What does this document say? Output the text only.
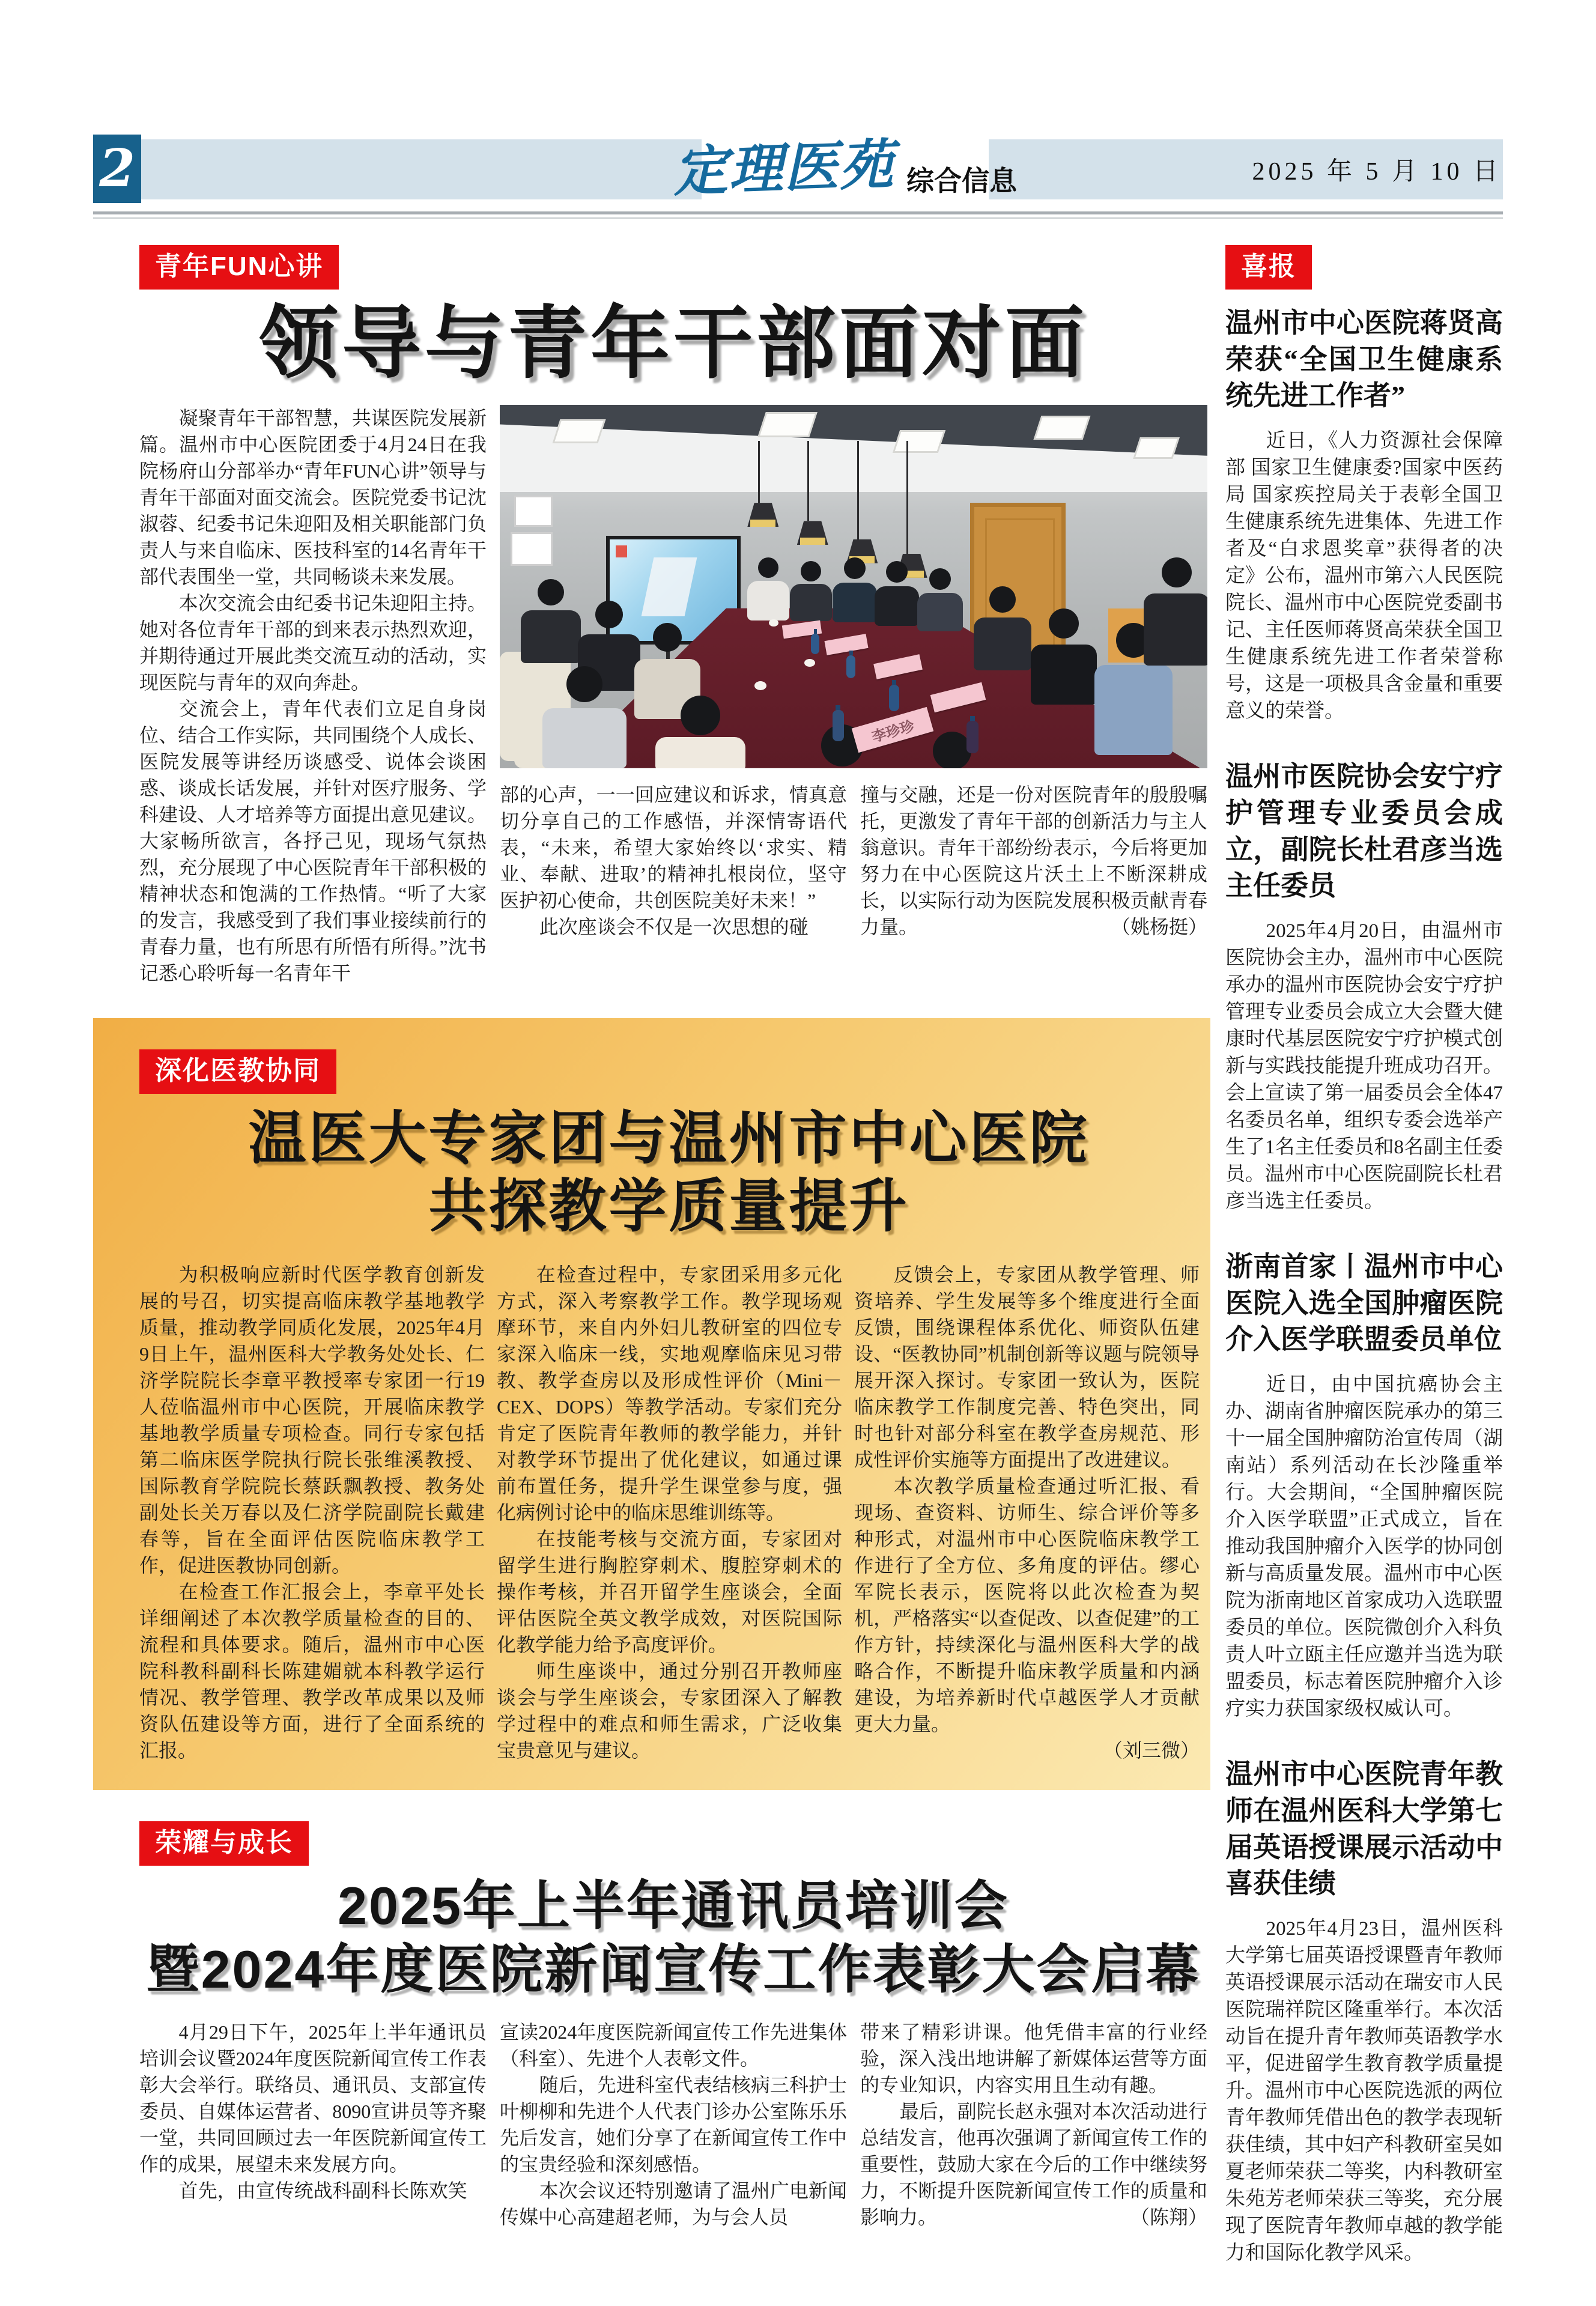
2	定理医苑 综合信息	2025 年 5 月 10 日
青年FUN心讲
领导与青年干部面对面

凝聚青年干部智慧，共谋医院发展新篇。温州市中心医院团委于4月24日在我院杨府山分部举办“青年FUN心讲”领导与青年干部面对面交流会。医院党委书记沈淑蓉、纪委书记朱迎阳及相关职能部门负责人与来自临床、医技科室的14名青年干部代表围坐一堂，共同畅谈未来发展。

本次交流会由纪委书记朱迎阳主持。她对各位青年干部的到来表示热烈欢迎，并期待通过开展此类交流互动的活动，实现医院与青年的双向奔赴。

交流会上，青年代表们立足自身岗位、结合工作实际，共同围绕个人成长、医院发展等讲经历谈感受、说体会谈困惑、谈成长话发展，并针对医疗服务、学科建设、人才培养等方面提出意见建议。大家畅所欲言，各抒己见，现场气氛热烈，充分展现了中心医院青年干部积极的精神状态和饱满的工作热情。“听了大家的发言，我感受到了我们事业接续前行的青春力量，也有所思有所悟有所得。”沈书记悉心聆听每一名青年干

李珍珍

部的心声，一一回应建议和诉求，情真意切分享自己的工作感悟，并深情寄语代表，“未来，希望大家始终以‘求实、精业、奉献、进取’的精神扎根岗位，坚守医护初心使命，共创医院美好未来！”

此次座谈会不仅是一次思想的碰

撞与交融，还是一份对医院青年的殷殷嘱托，更激发了青年干部的创新活力与主人翁意识。青年干部纷纷表示，今后将更加努力在中心医院这片沃土上不断深耕成长，以实际行动为医院发展积极贡献青春力量。	（姚杨挺）

深化医教协同
温医大专家团与温州市中心医院
共探教学质量提升

为积极响应新时代医学教育创新发展的号召，切实提高临床教学基地教学质量，推动教学同质化发展，2025年4月9日上午，温州医科大学教务处处长、仁济学院院长李章平教授率专家团一行19人莅临温州市中心医院，开展临床教学基地教学质量专项检查。同行专家包括第二临床医学院执行院长张维溪教授、国际教育学院院长蔡跃飘教授、教务处副处长关万春以及仁济学院副院长戴建春等，旨在全面评估医院临床教学工作，促进医教协同创新。

在检查工作汇报会上，李章平处长详细阐述了本次教学质量检查的目的、流程和具体要求。随后，温州市中心医院科教科副科长陈建媚就本科教学运行情况、教学管理、教学改革成果以及师资队伍建设等方面，进行了全面系统的汇报。

在检查过程中，专家团采用多元化方式，深入考察教学工作。教学现场观摩环节，来自内外妇儿教研室的四位专家深入临床一线，实地观摩临床见习带教、教学查房以及形成性评价（Mini－CEX、DOPS）等教学活动。专家们充分肯定了医院青年教师的教学能力，并针对教学环节提出了优化建议，如通过课前布置任务，提升学生课堂参与度，强化病例讨论中的临床思维训练等。

在技能考核与交流方面，专家团对留学生进行胸腔穿刺术、腹腔穿刺术的操作考核，并召开留学生座谈会，全面评估医院全英文教学成效，对医院国际化教学能力给予高度评价。

师生座谈中，通过分别召开教师座谈会与学生座谈会，专家团深入了解教学过程中的难点和师生需求，广泛收集宝贵意见与建议。

反馈会上，专家团从教学管理、师资培养、学生发展等多个维度进行全面反馈，围绕课程体系优化、师资队伍建设、“医教协同”机制创新等议题与院领导展开深入探讨。专家团一致认为，医院临床教学工作制度完善、特色突出，同时也针对部分科室在教学查房规范、形成性评价实施等方面提出了改进建议。

本次教学质量检查通过听汇报、看现场、查资料、访师生、综合评价等多种形式，对温州市中心医院临床教学工作进行了全方位、多角度的评估。缪心军院长表示，医院将以此次检查为契机，严格落实“以查促改、以查促建”的工作方针，持续深化与温州医科大学的战略合作，不断提升临床教学质量和内涵建设，为培养新时代卓越医学人才贡献更大力量。

（刘三微）

荣耀与成长
2025年上半年通讯员培训会
暨2024年度医院新闻宣传工作表彰大会启幕

4月29日下午，2025年上半年通讯员培训会议暨2024年度医院新闻宣传工作表彰大会举行。联络员、通讯员、支部宣传委员、自媒体运营者、8090宣讲员等齐聚一堂，共同回顾过去一年医院新闻宣传工作的成果，展望未来发展方向。

首先，由宣传统战科副科长陈欢笑

宣读2024年度医院新闻宣传工作先进集体（科室）、先进个人表彰文件。

随后，先进科室代表结核病三科护士叶柳柳和先进个人代表门诊办公室陈乐乐先后发言，她们分享了在新闻宣传工作中的宝贵经验和深刻感悟。

本次会议还特别邀请了温州广电新闻传媒中心高建超老师，为与会人员

带来了精彩讲课。他凭借丰富的行业经验，深入浅出地讲解了新媒体运营等方面的专业知识，内容实用且生动有趣。

最后，副院长赵永强对本次活动进行总结发言，他再次强调了新闻宣传工作的重要性，鼓励大家在今后的工作中继续努力，不断提升医院新闻宣传工作的质量和影响力。	（陈翔）

喜报
温州市中心医院蒋贤高荣获“全国卫生健康系统先进工作者”

近日，《人力资源社会保障部 国家卫生健康委?国家中医药局 国家疾控局关于表彰全国卫生健康系统先进集体、先进工作者及“白求恩奖章”获得者的决定》公布，温州市第六人民医院院长、温州市中心医院党委副书记、主任医师蒋贤高荣获全国卫生健康系统先进工作者荣誉称号，这是一项极具含金量和重要意义的荣誉。

温州市医院协会安宁疗护管理专业委员会成立，副院长杜君彦当选主任委员

2025年4月20日，由温州市医院协会主办，温州市中心医院承办的温州市医院协会安宁疗护管理专业委员会成立大会暨大健康时代基层医院安宁疗护模式创新与实践技能提升班成功召开。会上宣读了第一届委员会全体47名委员名单，组织专委会选举产生了1名主任委员和8名副主任委员。温州市中心医院副院长杜君彦当选主任委员。

浙南首家丨温州市中心医院入选全国肿瘤医院介入医学联盟委员单位

近日，由中国抗癌协会主办、湖南省肿瘤医院承办的第三十一届全国肿瘤防治宣传周（湖南站）系列活动在长沙隆重举行。大会期间，“全国肿瘤医院介入医学联盟”正式成立，旨在推动我国肿瘤介入医学的协同创新与高质量发展。温州市中心医院为浙南地区首家成功入选联盟委员的单位。医院微创介入科负责人叶立瓯主任应邀并当选为联盟委员，标志着医院肿瘤介入诊疗实力获国家级权威认可。

温州市中心医院青年教师在温州医科大学第七届英语授课展示活动中喜获佳绩

2025年4月23日，温州医科大学第七届英语授课暨青年教师英语授课展示活动在瑞安市人民医院瑞祥院区隆重举行。本次活动旨在提升青年教师英语教学水平，促进留学生教育教学质量提升。温州市中心医院选派的两位青年教师凭借出色的教学表现斩获佳绩，其中妇产科教研室吴如夏老师荣获二等奖，内科教研室朱苑芳老师荣获三等奖，充分展现了医院青年教师卓越的教学能力和国际化教学风采。
